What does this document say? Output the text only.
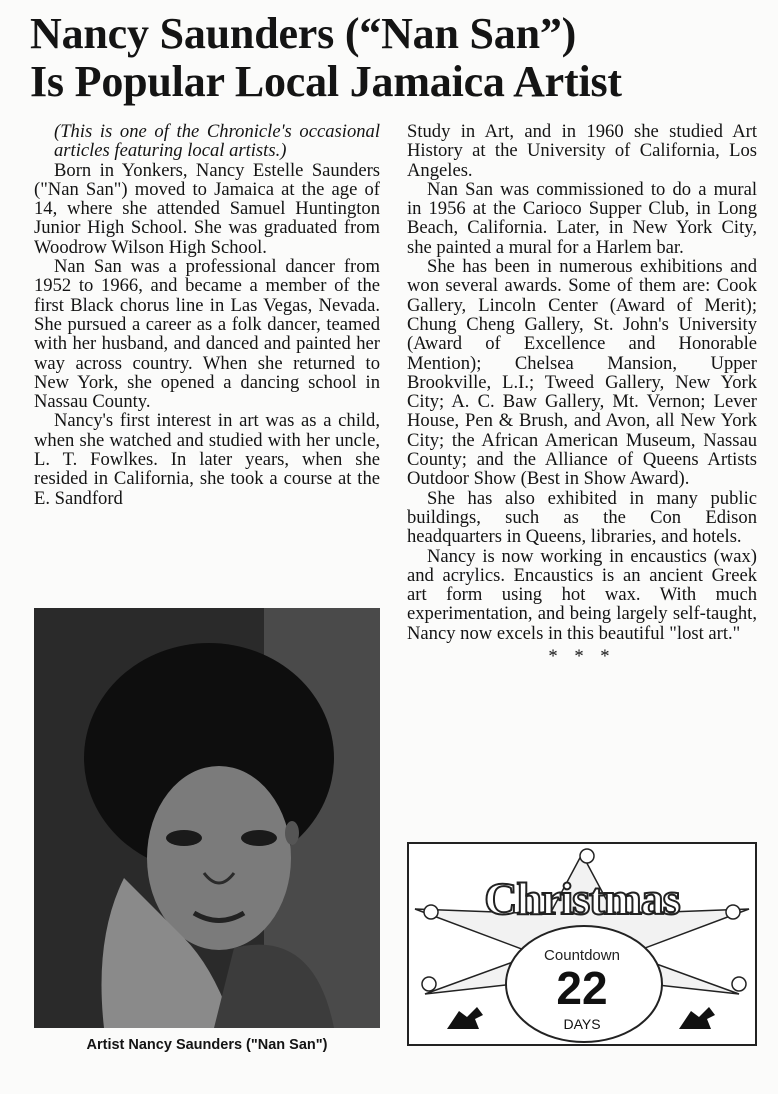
Nancy Saunders (“Nan San”)
Is Popular Local Jamaica Artist

(This is one of the Chronicle's occasional articles featuring local artists.)

Born in Yonkers, Nancy Estelle Saunders ("Nan San") moved to Jamaica at the age of 14, where she attended Samuel Huntington Junior High School. She was graduated from Woodrow Wilson High School.

Nan San was a professional dancer from 1952 to 1966, and became a member of the first Black chorus line in Las Vegas, Nevada. She pursued a career as a folk dancer, teamed with her husband, and danced and painted her way across country. When she returned to New York, she opened a dancing school in Nassau County.

Nancy's first interest in art was as a child, when she watched and studied with her uncle, L. T. Fowlkes. In later years, when she resided in California, she took a course at the E. Sandford

Artist Nancy Saunders ("Nan San")

Study in Art, and in 1960 she studied Art History at the University of California, Los Angeles.

Nan San was commissioned to do a mural in 1956 at the Carioco Supper Club, in Long Beach, California. Later, in New York City, she painted a mural for a Harlem bar.

She has been in numerous exhibitions and won several awards. Some of them are: Cook Gallery, Lincoln Center (Award of Merit); Chung Cheng Gallery, St. John's University (Award of Excellence and Honorable Mention); Chelsea Mansion, Upper Brookville, L.I.; Tweed Gallery, New York City; A. C. Baw Gallery, Mt. Vernon; Lever House, Pen & Brush, and Avon, all New York City; the African American Museum, Nassau County; and the Alliance of Queens Artists Outdoor Show (Best in Show Award).

She has also exhibited in many public buildings, such as the Con Edison headquarters in Queens, libraries, and hotels.

Nancy is now working in encaustics (wax) and acrylics. Encaustics is an ancient Greek art form using hot wax. With much experimentation, and being largely self-taught, Nancy now excels in this beautiful "lost art."

* * *

Christmas
Countdown
22
DAYS
